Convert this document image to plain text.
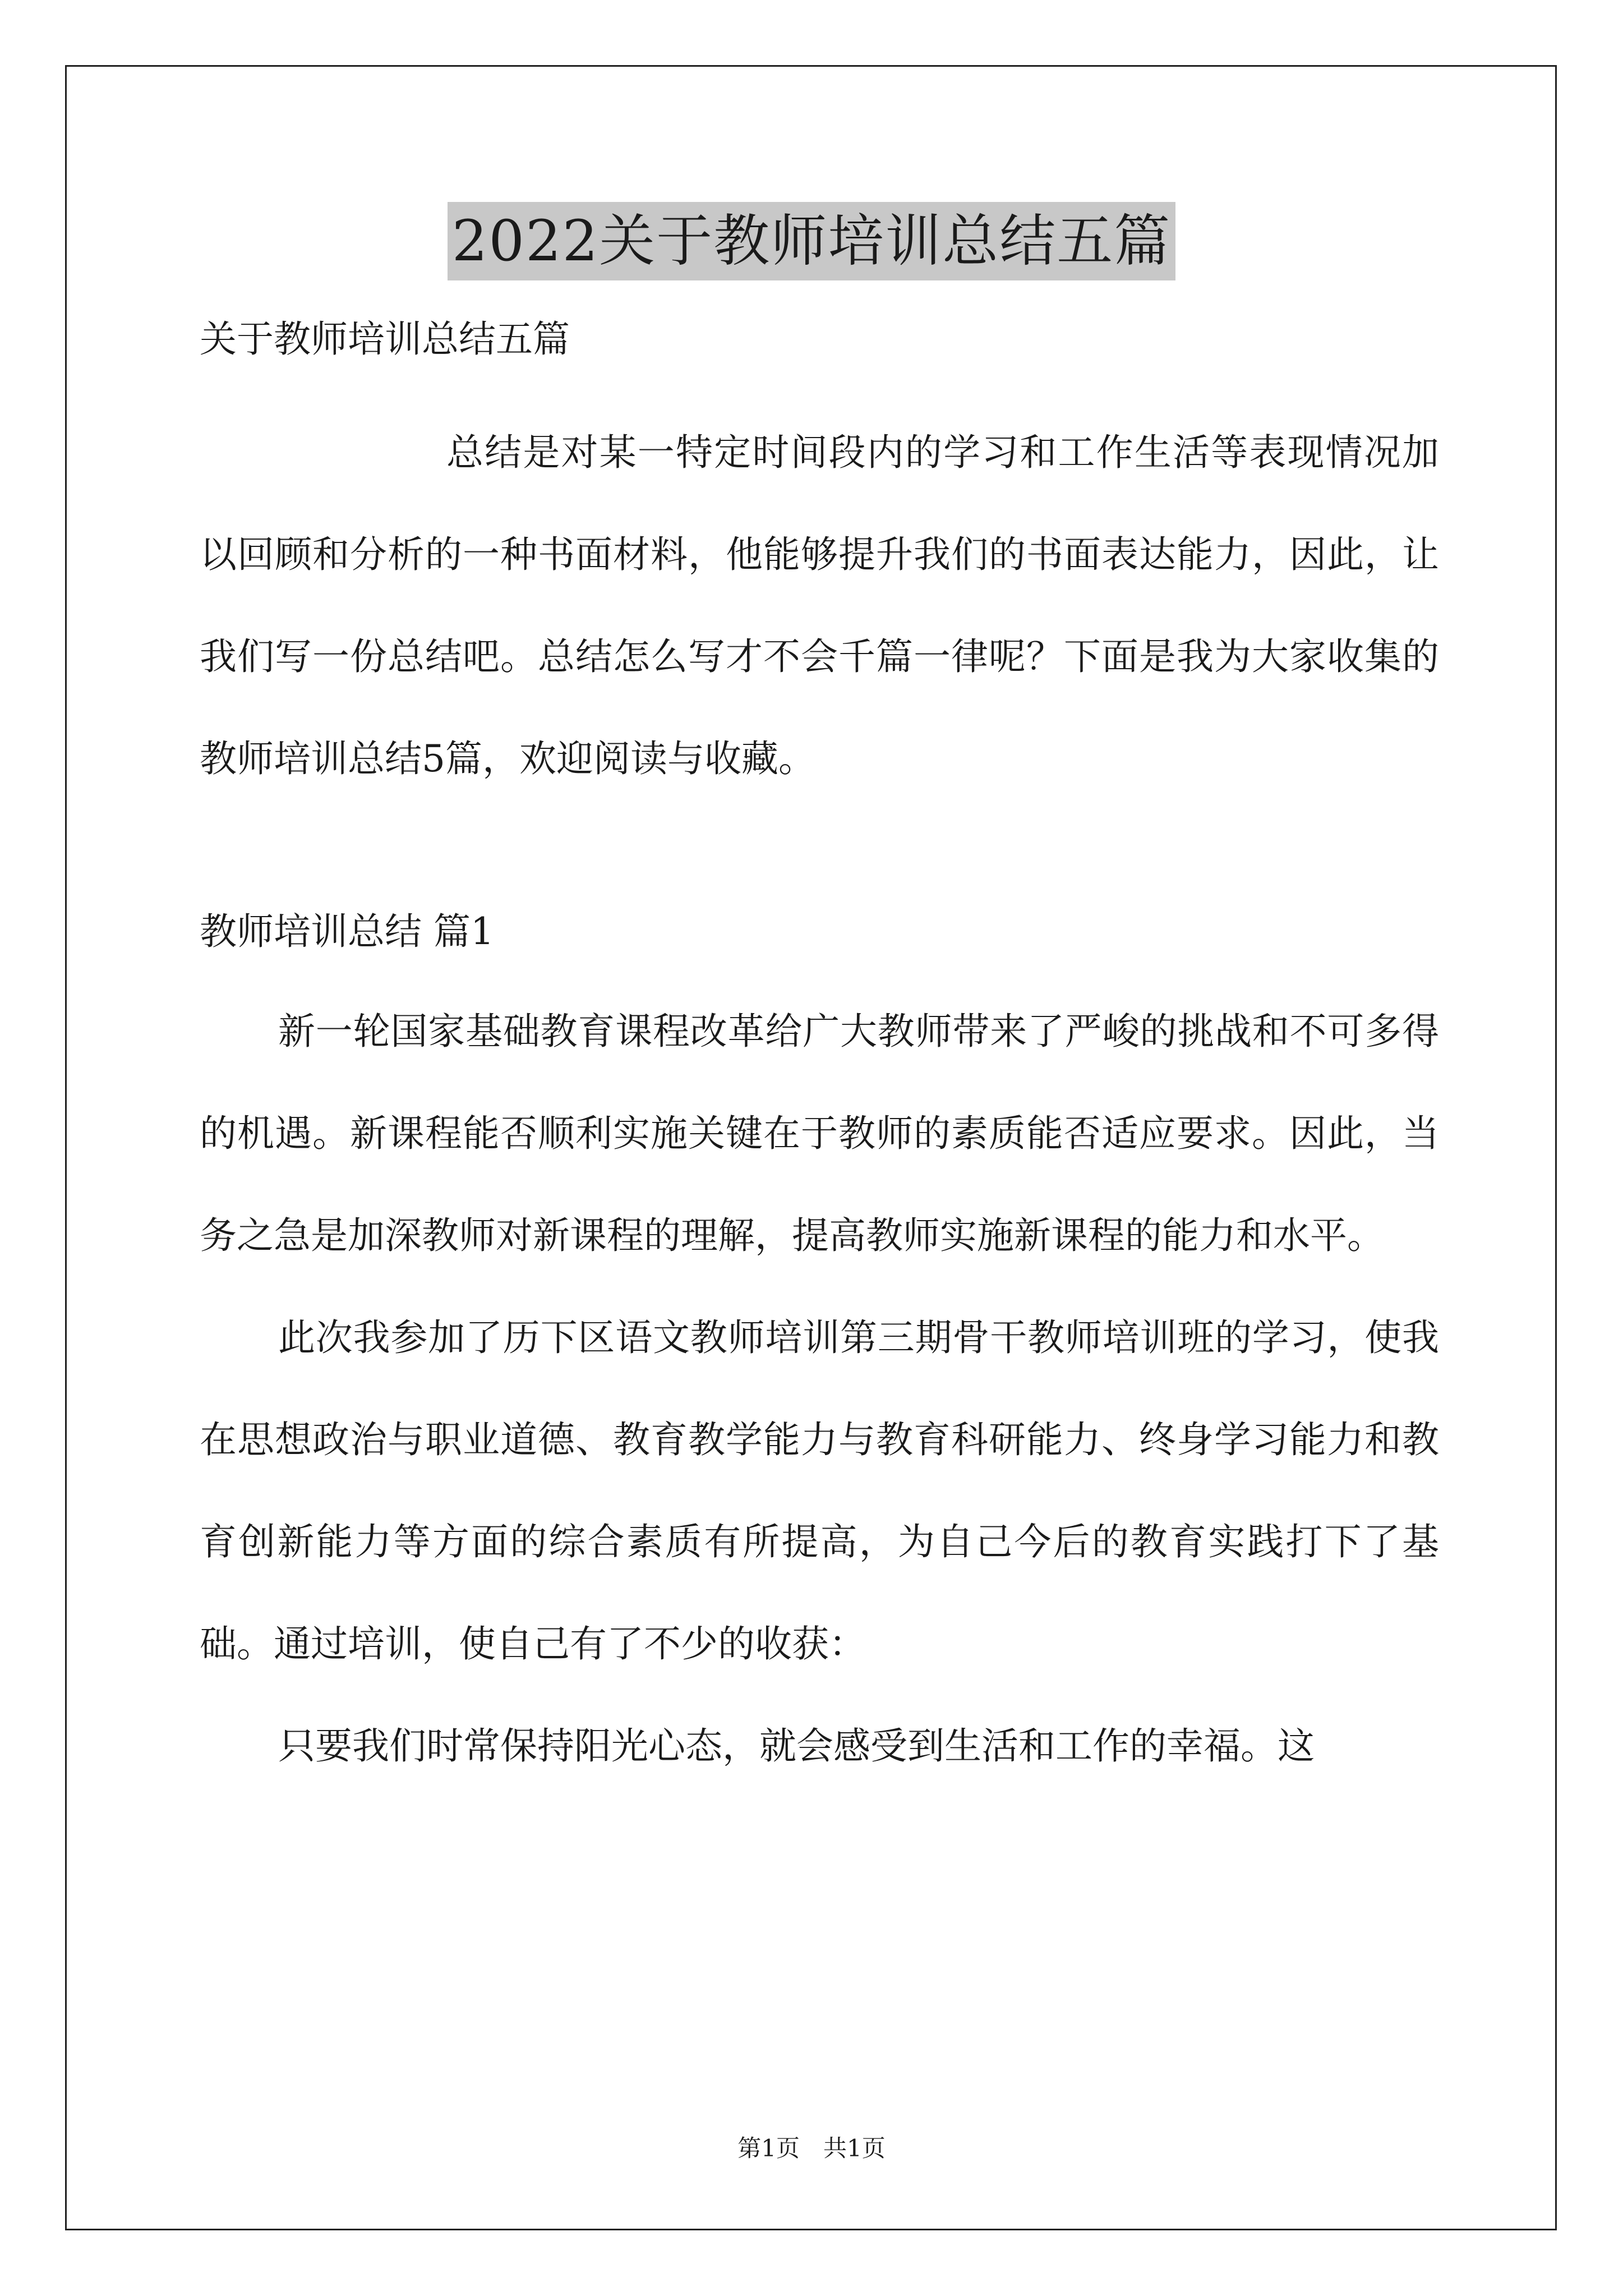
2022关于教师培训总结五篇

关于教师培训总结五篇

总结是对某一特定时间段内的学习和工作生活等表现情况加以回顾和分析的一种书面材料，他能够提升我们的书面表达能力，因此，让我们写一份总结吧。总结怎么写才不会千篇一律呢？下面是我为大家收集的教师培训总结5篇，欢迎阅读与收藏。

教师培训总结 篇1

新一轮国家基础教育课程改革给广大教师带来了严峻的挑战和不可多得的机遇。新课程能否顺利实施关键在于教师的素质能否适应要求。因此，当务之急是加深教师对新课程的理解，提高教师实施新课程的能力和水平。

此次我参加了历下区语文教师培训第三期骨干教师培训班的学习，使我在思想政治与职业道德、教育教学能力与教育科研能力、终身学习能力和教育创新能力等方面的综合素质有所提高，为自己今后的教育实践打下了基础。通过培训，使自己有了不少的收获：

只要我们时常保持阳光心态，就会感受到生活和工作的幸福。这

第1页　共1页
